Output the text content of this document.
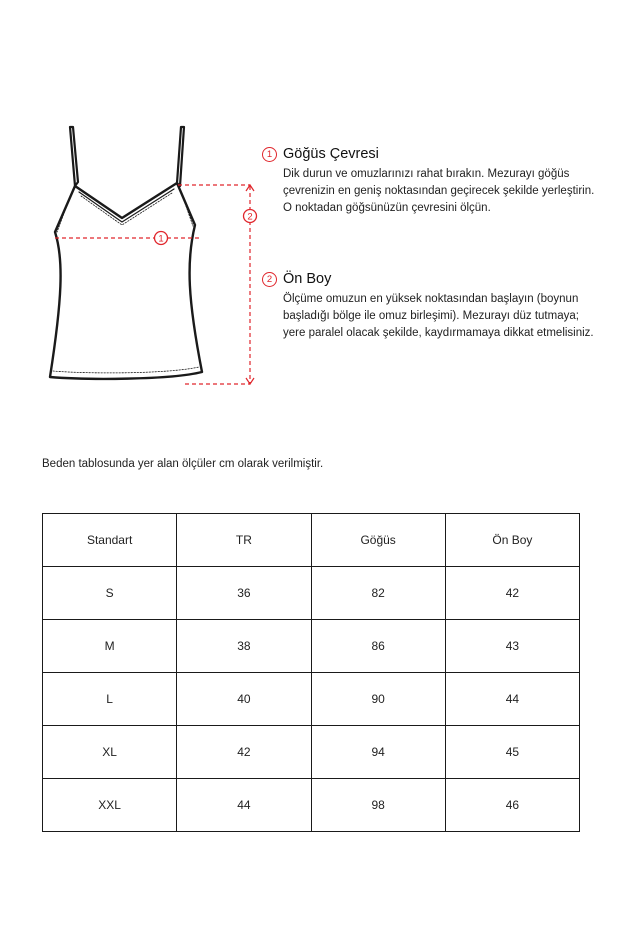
1
2
1 Göğüs Çevresi
Dik durun ve omuzlarınızı rahat bırakın. Mezurayı göğüs çevrenizin en geniş noktasından geçirecek şekilde yerleştirin. O noktadan göğsünüzün çevresini ölçün.
2 Ön Boy
Ölçüme omuzun en yüksek noktasından başlayın (boynun başladığı bölge ile omuz birleşimi). Mezurayı düz tutmaya; yere paralel olacak şekilde, kaydırmamaya dikkat etmelisiniz.
Beden tablosunda yer alan ölçüler cm olarak verilmiştir.
Standart	TR	Göğüs	Ön Boy
S	36	82	42
M	38	86	43
L	40	90	44
XL	42	94	45
XXL	44	98	46
